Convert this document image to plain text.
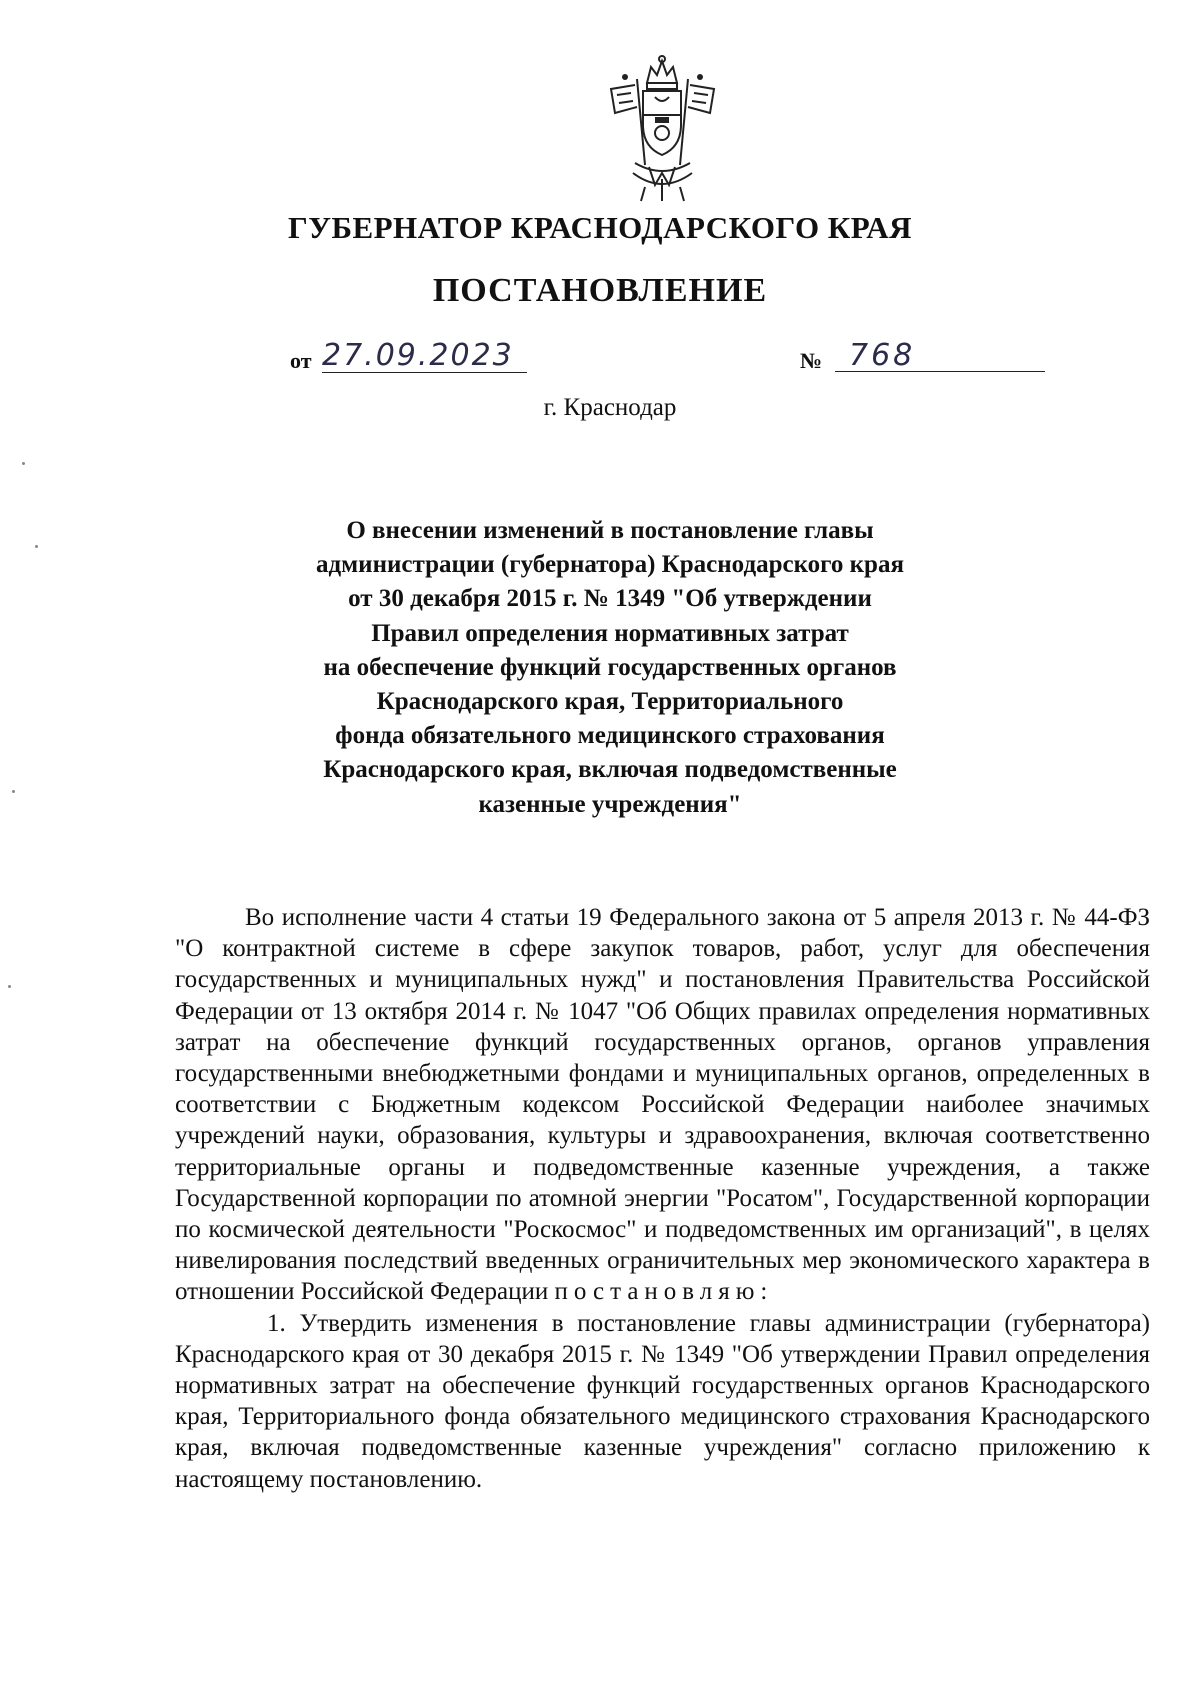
ГУБЕРНАТОР КРАСНОДАРСКОГО КРАЯ
ПОСТАНОВЛЕНИЕ
от 27.09.2023	№ 768
г. Краснодар
О внесении изменений в постановление главы
администрации (губернатора) Краснодарского края
от 30 декабря 2015 г. № 1349 "Об утверждении
Правил определения нормативных затрат
на обеспечение функций государственных органов
Краснодарского края, Территориального
фонда обязательного медицинского страхования
Краснодарского края, включая подведомственные
казенные учреждения"

Во исполнение части 4 статьи 19 Федерального закона от 5 апреля 2013 г. № 44-ФЗ "О контрактной системе в сфере закупок товаров, работ, услуг для обеспечения государственных и муниципальных нужд" и постановления Правительства Российской Федерации от 13 октября 2014 г. № 1047 "Об Общих правилах определения нормативных затрат на обеспечение функций государственных органов, органов управления государственными внебюджетными фондами и муниципальных органов, определенных в соответствии с Бюджетным кодексом Российской Федерации наиболее значимых учреждений науки, образования, культуры и здравоохранения, включая соответственно территориальные органы и подведомственные казенные учреждения, а также Государственной корпорации по атомной энергии "Росатом", Государственной корпорации по космической деятельности "Роскосмос" и подведомственных им организаций", в целях нивелирования последствий введенных ограничительных мер экономического характера в отношении Российской Федерации постановляю:

1. Утвердить изменения в постановление главы администрации (губернатора) Краснодарского края от 30 декабря 2015 г. № 1349 "Об утверждении Правил определения нормативных затрат на обеспечение функций государственных органов Краснодарского края, Территориального фонда обязательного медицинского страхования Краснодарского края, включая подведомственные казенные учреждения" согласно приложению к настоящему постановлению.
